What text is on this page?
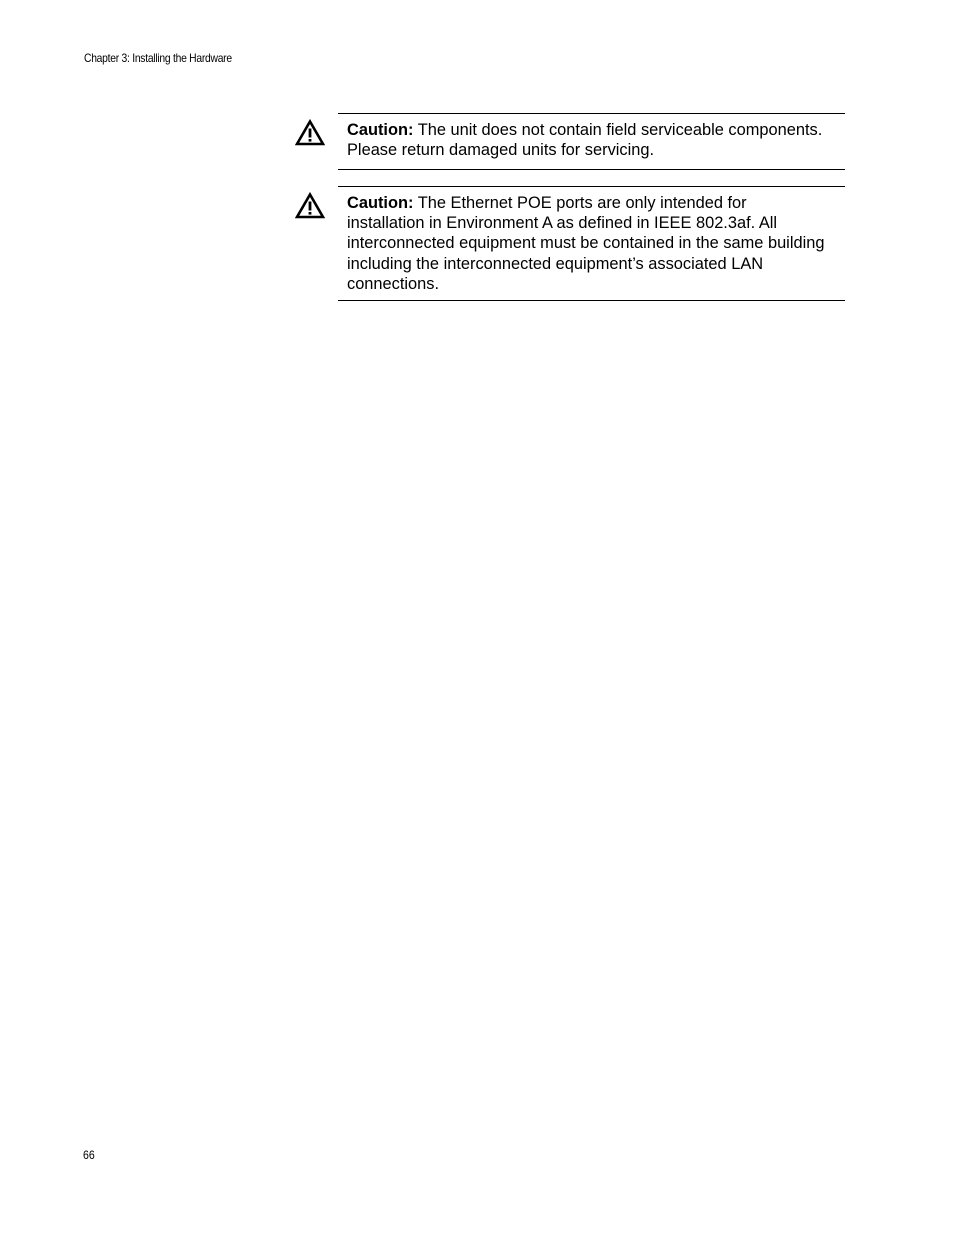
Chapter 3: Installing the Hardware
Caution: The unit does not contain field serviceable components. Please return damaged units for servicing.
Caution: The Ethernet POE ports are only intended for installation in Environment A as defined in IEEE 802.3af. All interconnected equipment must be contained in the same building including the interconnected equipment’s associated LAN connections.
66
